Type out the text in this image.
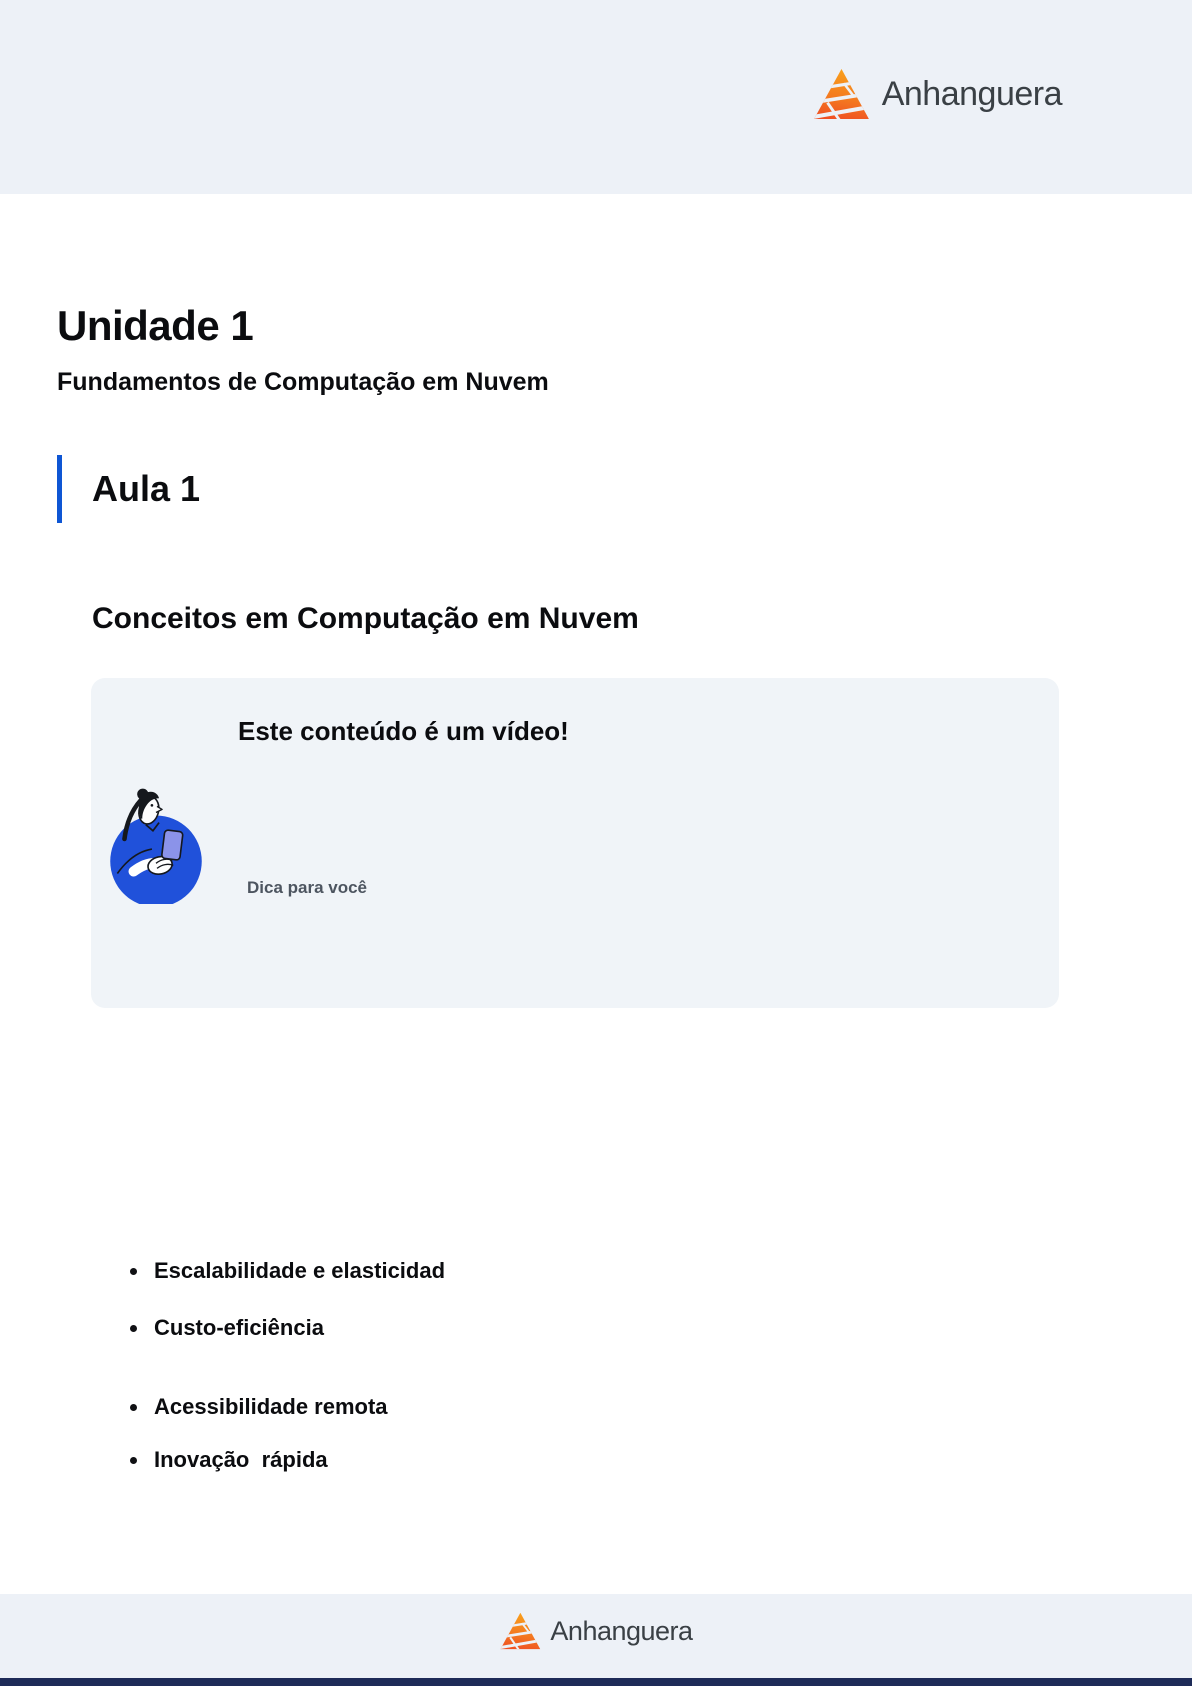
Anhanguera
Unidade 1
Fundamentos de Computação em Nuvem
Aula 1
Conceitos em Computação em Nuvem
Este conteúdo é um vídeo!
Dica para você
Escalabilidade e elasticidad
Custo-eficiência
Acessibilidade remota
Inovação  rápida
Anhanguera
